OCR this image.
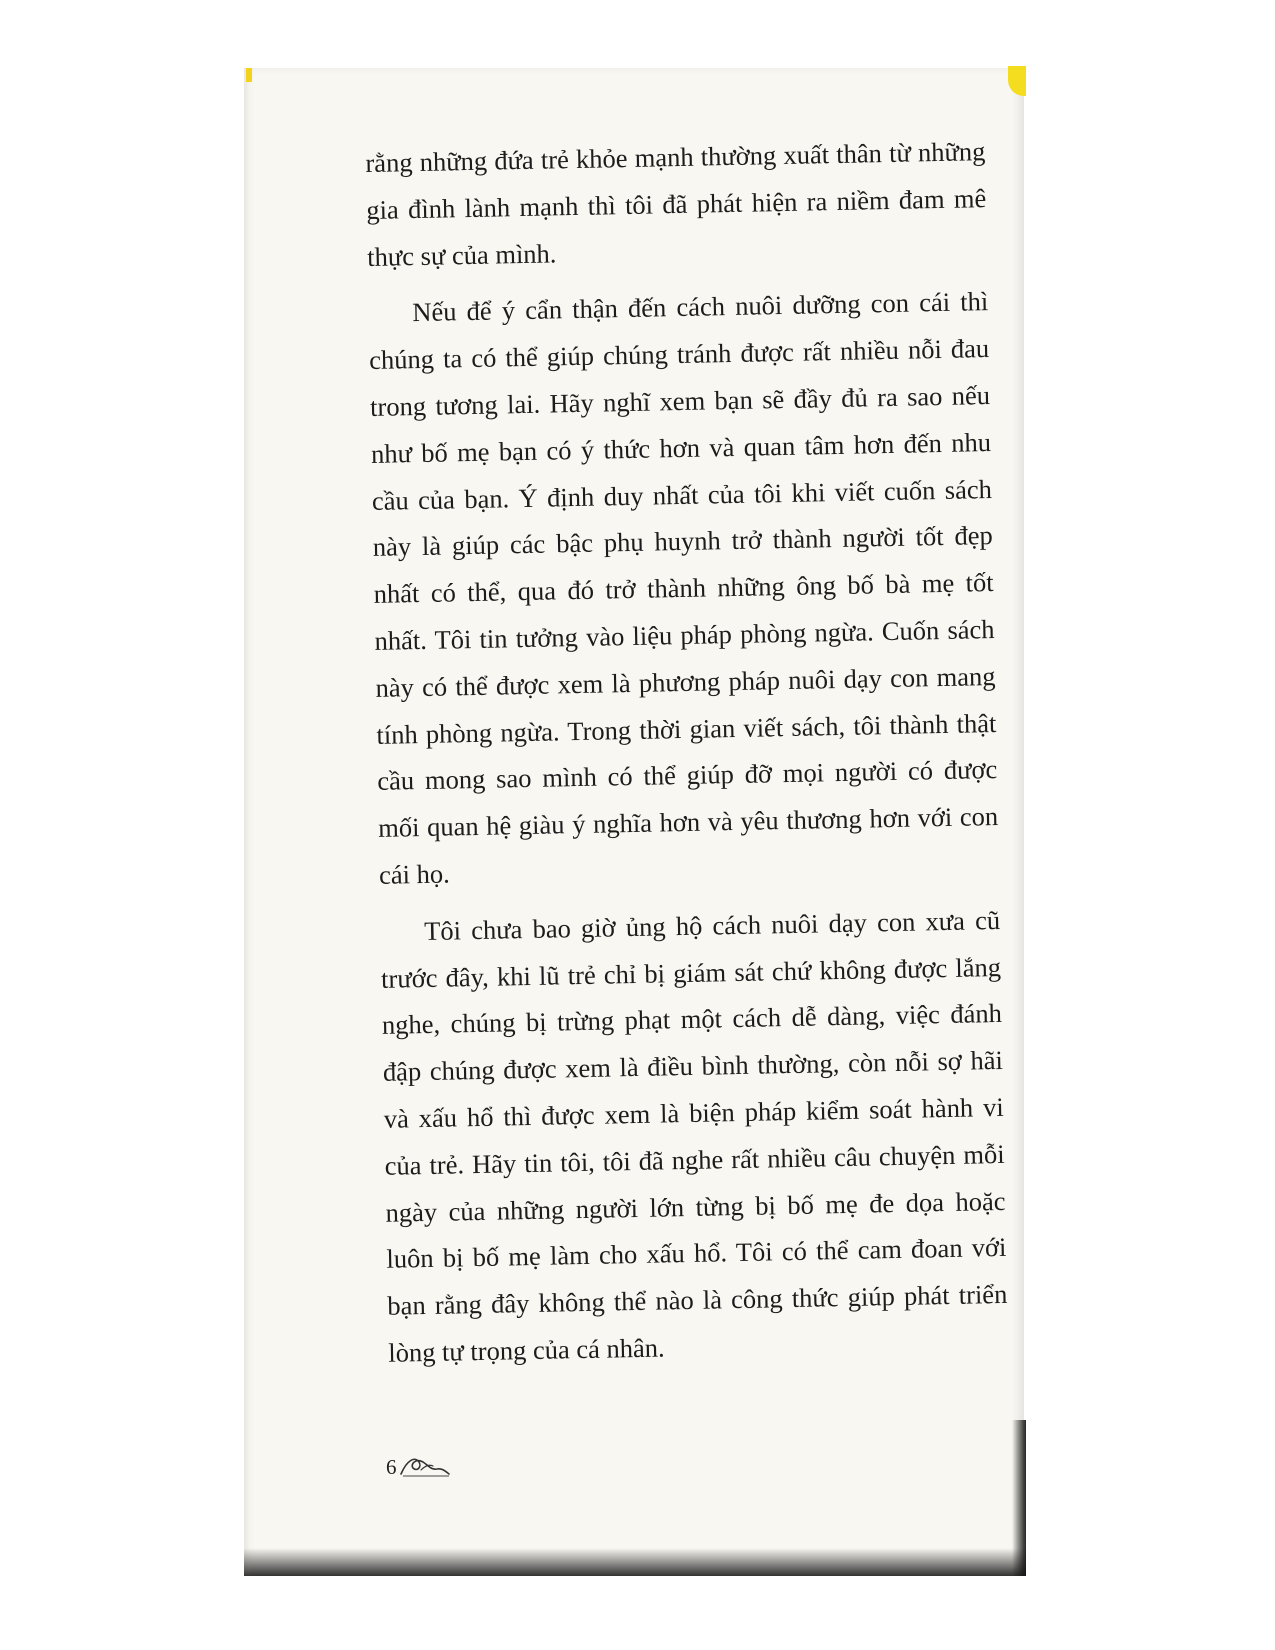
rằng những đứa trẻ khỏe mạnh thường xuất thân từ những gia đình lành mạnh thì tôi đã phát hiện ra niềm đam mê thực sự của mình.

Nếu để ý cẩn thận đến cách nuôi dưỡng con cái thì chúng ta có thể giúp chúng tránh được rất nhiều nỗi đau trong tương lai. Hãy nghĩ xem bạn sẽ đầy đủ ra sao nếu như bố mẹ bạn có ý thức hơn và quan tâm hơn đến nhu cầu của bạn. Ý định duy nhất của tôi khi viết cuốn sách này là giúp các bậc phụ huynh trở thành người tốt đẹp nhất có thể, qua đó trở thành những ông bố bà mẹ tốt nhất. Tôi tin tưởng vào liệu pháp phòng ngừa. Cuốn sách này có thể được xem là phương pháp nuôi dạy con mang tính phòng ngừa. Trong thời gian viết sách, tôi thành thật cầu mong sao mình có thể giúp đỡ mọi người có được mối quan hệ giàu ý nghĩa hơn và yêu thương hơn với con cái họ.

Tôi chưa bao giờ ủng hộ cách nuôi dạy con xưa cũ trước đây, khi lũ trẻ chỉ bị giám sát chứ không được lắng nghe, chúng bị trừng phạt một cách dễ dàng, việc đánh đập chúng được xem là điều bình thường, còn nỗi sợ hãi và xấu hổ thì được xem là biện pháp kiểm soát hành vi của trẻ. Hãy tin tôi, tôi đã nghe rất nhiều câu chuyện mỗi ngày của những người lớn từng bị bố mẹ đe dọa hoặc luôn bị bố mẹ làm cho xấu hổ. Tôi có thể cam đoan với bạn rằng đây không thể nào là công thức giúp phát triển lòng tự trọng của cá nhân.

6
